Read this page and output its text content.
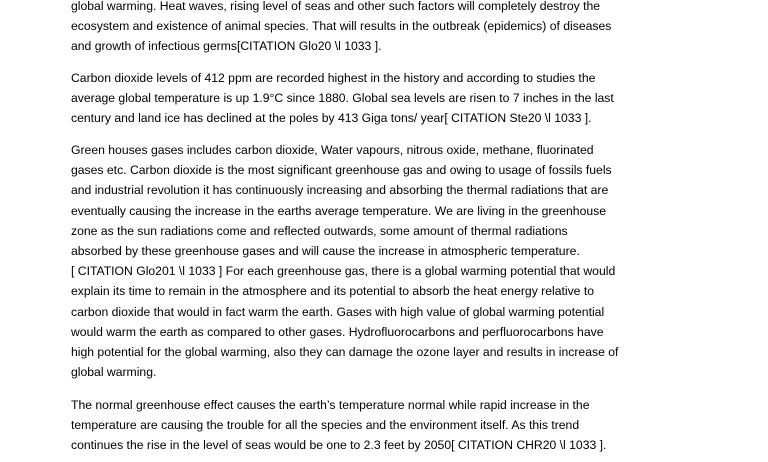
global warming. Heat waves, rising level of seas and other such factors will completely destroy the
ecosystem and existence of animal species. That will results in the outbreak (epidemics) of diseases
and growth of infectious germs[CITATION Glo20 \l 1033 ].
Carbon dioxide levels of 412 ppm are recorded highest in the history and according to studies the
average global temperature is up 1.9°C since 1880. Global sea levels are risen to 7 inches in the last
century and land ice has declined at the poles by 413 Giga tons/ year[ CITATION Ste20 \l 1033 ].
Green houses gases includes carbon dioxide, Water vapours, nitrous oxide, methane, fluorinated
gases etc. Carbon dioxide is the most significant greenhouse gas and owing to usage of fossils fuels
and industrial revolution it has continuously increasing and absorbing the thermal radiations that are
eventually causing the increase in the earths average temperature. We are living in the greenhouse
zone as the sun radiations come and reflected outwards, some amount of thermal radiations
absorbed by these greenhouse gases and will cause the increase in atmospheric temperature.
[ CITATION Glo201 \l 1033 ] For each greenhouse gas, there is a global warming potential that would
explain its time to remain in the atmosphere and its potential to absorb the heat energy relative to
carbon dioxide that would in fact warm the earth. Gases with high value of global warming potential
would warm the earth as compared to other gases. Hydrofluorocarbons and perfluorocarbons have
high potential for the global warming, also they can damage the ozone layer and results in increase of
global warming.
The normal greenhouse effect causes the earth’s temperature normal while rapid increase in the
temperature are causing the trouble for all the species and the environment itself. As this trend
continues the rise in the level of seas would be one to 2.3 feet by 2050[ CITATION CHR20 \l 1033 ].
